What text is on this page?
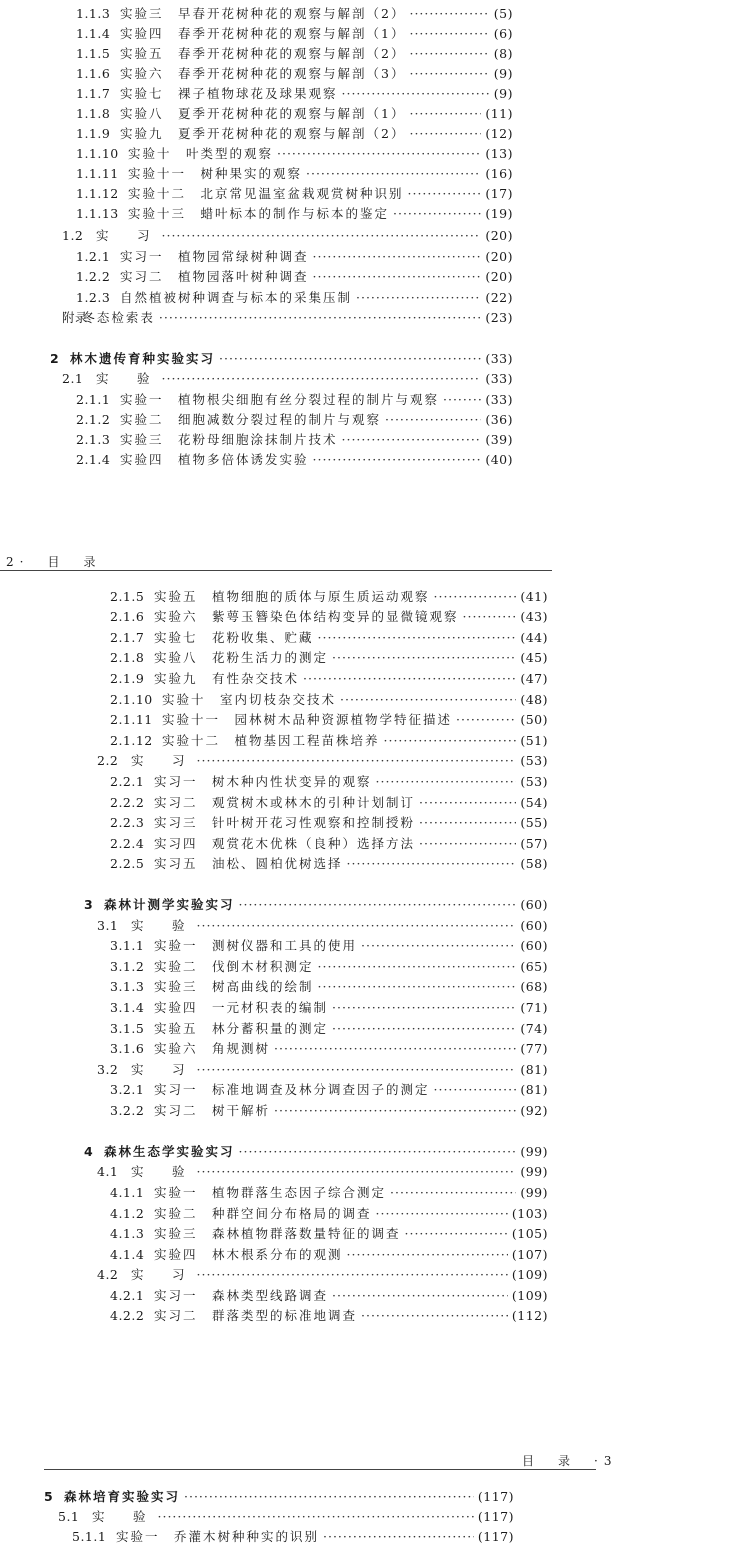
1.1.3 实验三　早春开花树种花的观察与解剖（2） ·····	(5)
1.1.4 实验四　春季开花树种花的观察与解剖（1） ·····	(6)
1.1.5 实验五　春季开花树种花的观察与解剖（2） ·····	(8)
1.1.6 实验六　春季开花树种花的观察与解剖（3） ·····	(9)
1.1.7 实验七　裸子植物球花及球果观察 ·····	(9)
1.1.8 实验八　夏季开花树种花的观察与解剖（1） ·····	(11)
1.1.9 实验九　夏季开花树种花的观察与解剖（2） ·····	(12)
1.1.10 实验十　叶类型的观察 ·····	(13)
1.1.11 实验十一　树种果实的观察 ·····	(16)
1.1.12 实验十二　北京常见温室盆栽观赏树种识别 ·····	(17)
1.1.13 实验十三　蜡叶标本的制作与标本的鉴定 ·····	(19)
1.2	实　习 ·····	(20)
1.2.1 实习一　植物园常绿树种调查 ·····	(20)
1.2.2 实习二　植物园落叶树种调查 ·····	(20)
1.2.3 自然植被树种调查与标本的采集压制 ·····	(22)
附录
冬态检索表 ·····	(23)
2 林木遗传育种实验实习 ·····	(33)
2.1	实　验 ·····	(33)
2.1.1 实验一　植物根尖细胞有丝分裂过程的制片与观察 ·····	(33)
2.1.2 实验二　细胞减数分裂过程的制片与观察 ·····	(36)
2.1.3 实验三　花粉母细胞涂抹制片技术 ·····	(39)
2.1.4 实验四　植物多倍体诱发实验 ·····	(40)
2·　目　录
2.1.5 实验五　植物细胞的质体与原生质运动观察 ·····	(41)
2.1.6 实验六　紫萼玉簪染色体结构变异的显微镜观察 ·····	(43)
2.1.7 实验七　花粉收集、贮藏 ·····	(44)
2.1.8 实验八　花粉生活力的测定 ·····	(45)
2.1.9 实验九　有性杂交技术 ·····	(47)
2.1.10 实验十　室内切枝杂交技术 ·····	(48)
2.1.11 实验十一　园林树木品种资源植物学特征描述 ·····	(50)
2.1.12 实验十二　植物基因工程苗株培养 ·····	(51)
2.2	实　习 ·····	(53)
2.2.1 实习一　树木种内性状变异的观察 ·····	(53)
2.2.2 实习二　观赏树木或林木的引种计划制订 ·····	(54)
2.2.3 实习三　针叶树开花习性观察和控制授粉 ·····	(55)
2.2.4 实习四　观赏花木优株（良种）选择方法 ·····	(57)
2.2.5 实习五　油松、圆柏优树选择 ·····	(58)
3 森林计测学实验实习 ·····	(60)
3.1	实　验 ·····	(60)
3.1.1 实验一　测树仪器和工具的使用 ·····	(60)
3.1.2 实验二　伐倒木材积测定 ·····	(65)
3.1.3 实验三　树高曲线的绘制 ·····	(68)
3.1.4 实验四　一元材积表的编制 ·····	(71)
3.1.5 实验五　林分蓄积量的测定 ·····	(74)
3.1.6 实验六　角规测树 ·····	(77)
3.2	实　习 ·····	(81)
3.2.1 实习一　标准地调查及林分调查因子的测定 ·····	(81)
3.2.2 实习二　树干解析 ·····	(92)
4 森林生态学实验实习 ·····	(99)
4.1	实　验 ·····	(99)
4.1.1 实验一　植物群落生态因子综合测定 ·····	(99)
4.1.2 实验二　种群空间分布格局的调查 ·····	(103)
4.1.3 实验三　森林植物群落数量特征的调查 ·····	(105)
4.1.4 实验四　林木根系分布的观测 ·····	(107)
4.2	实　习 ·····	(109)
4.2.1 实习一　森林类型线路调查 ·····	(109)
4.2.2 实习二　群落类型的标准地调查 ·····	(112)
目　录　·3
5 森林培育实验实习 ·····	(117)
5.1	实　验 ·····	(117)
5.1.1 实验一　乔灌木树种种实的识别 ·····	(117)
